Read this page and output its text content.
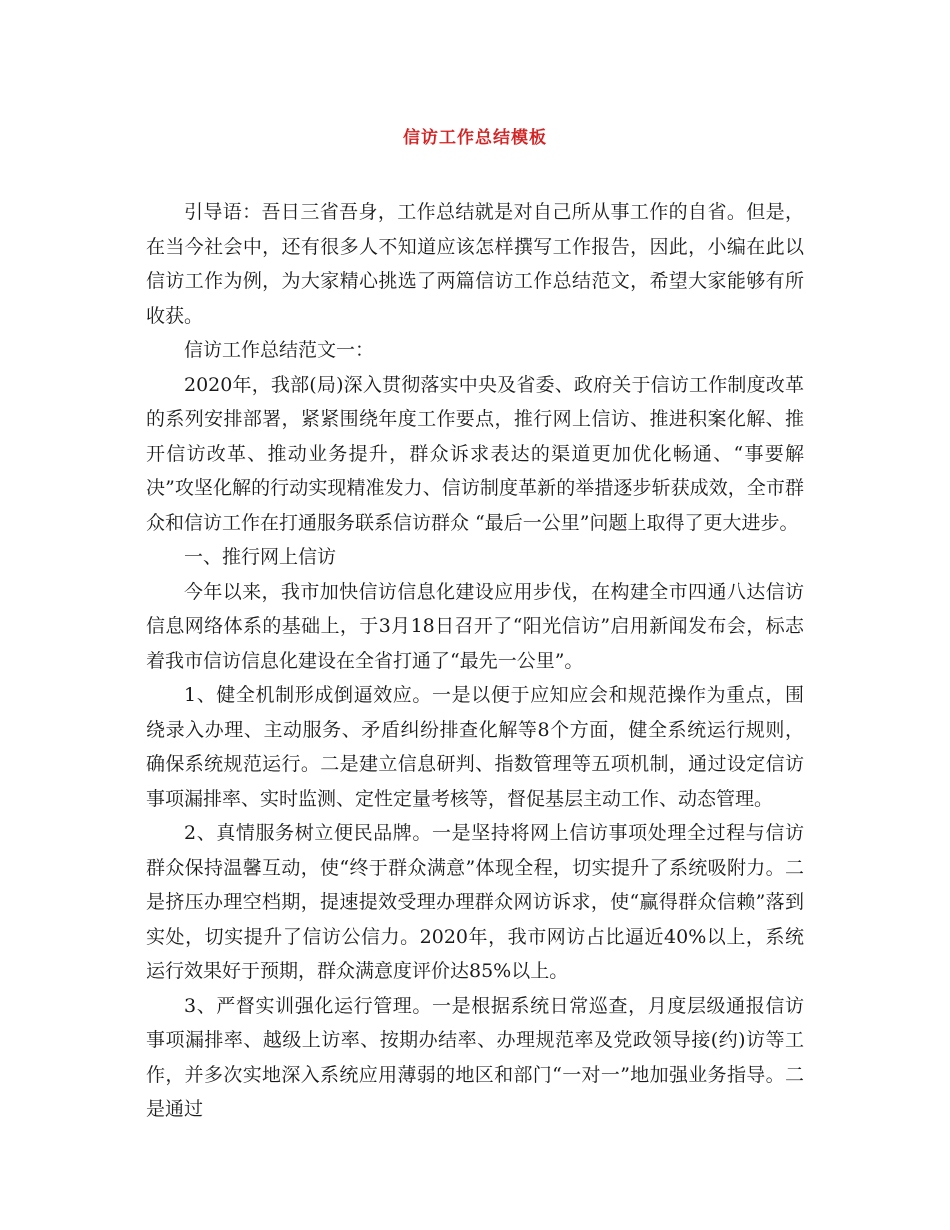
信访工作总结模板

引导语：吾日三省吾身，工作总结就是对自己所从事工作的自省。但是，在当今社会中，还有很多人不知道应该怎样撰写工作报告，因此，小编在此以信访工作为例，为大家精心挑选了两篇信访工作总结范文，希望大家能够有所收获。

信访工作总结范文一：

2020年，我部(局)深入贯彻落实中央及省委、政府关于信访工作制度改革的系列安排部署，紧紧围绕年度工作要点，推行网上信访、推进积案化解、推开信访改革、推动业务提升，群众诉求表达的渠道更加优化畅通、“事要解决”攻坚化解的行动实现精准发力、信访制度革新的举措逐步斩获成效，全市群众和信访工作在打通服务联系信访群众 “最后一公里”问题上取得了更大进步。

一、推行网上信访

今年以来，我市加快信访信息化建设应用步伐，在构建全市四通八达信访信息网络体系的基础上，于3月18日召开了“阳光信访”启用新闻发布会，标志着我市信访信息化建设在全省打通了“最先一公里”。

1、健全机制形成倒逼效应。一是以便于应知应会和规范操作为重点，围绕录入办理、主动服务、矛盾纠纷排查化解等8个方面，健全系统运行规则，确保系统规范运行。二是建立信息研判、指数管理等五项机制，通过设定信访事项漏排率、实时监测、定性定量考核等，督促基层主动工作、动态管理。

2、真情服务树立便民品牌。一是坚持将网上信访事项处理全过程与信访群众保持温馨互动，使“终于群众满意”体现全程，切实提升了系统吸附力。二是挤压办理空档期，提速提效受理办理群众网访诉求，使“赢得群众信赖”落到实处，切实提升了信访公信力。2020年，我市网访占比逼近40%以上，系统运行效果好于预期，群众满意度评价达85%以上。

3、严督实训强化运行管理。一是根据系统日常巡查，月度层级通报信访事项漏排率、越级上访率、按期办结率、办理规范率及党政领导接(约)访等工作，并多次实地深入系统应用薄弱的地区和部门“一对一”地加强业务指导。二是通过
